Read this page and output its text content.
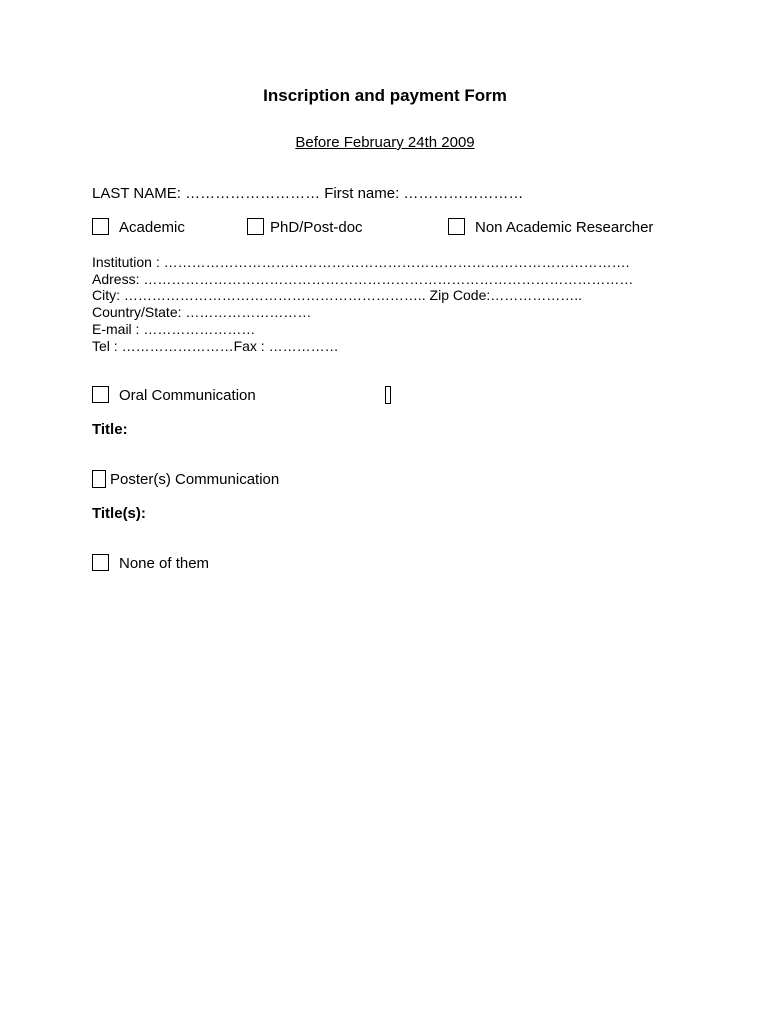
Inscription and payment Form
Before February 24th 2009
LAST NAME: ……………………… First name: ……………………
Academic	PhD/Post-doc	Non Academic Researcher
Institution : ……………………………………………………………………………………….
Adress: ……………………………………………………………………………………………
City: ……………………………………………………….. Zip Code:………………..
Country/State: ………………………
E-mail : ……………………
Tel : ……………………Fax : ……………
Oral Communication
Title:
Poster(s) Communication
Title(s):
None of them
